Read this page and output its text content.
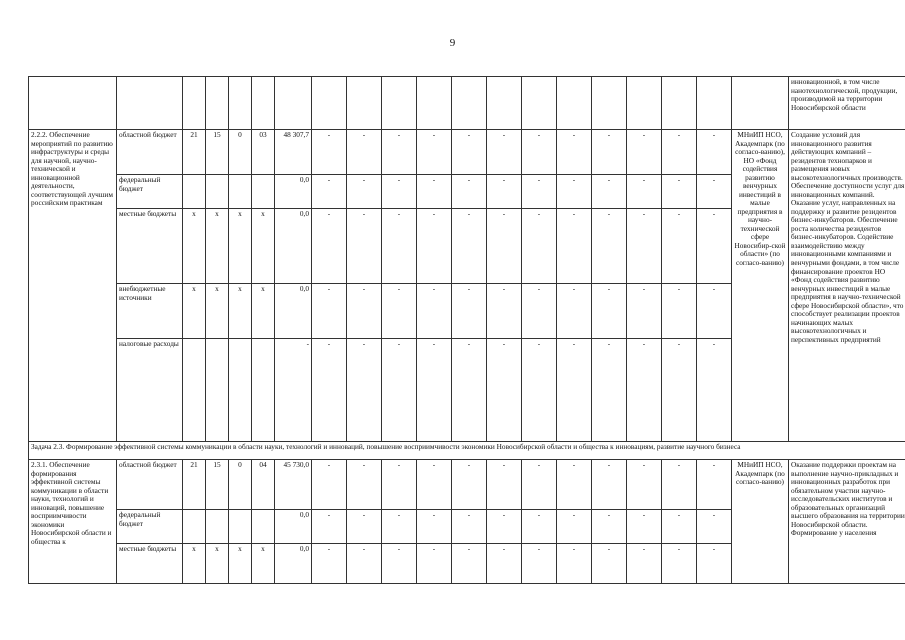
9
																				инновационной, в том числе нанотехнологической, продукции, производимой на территории Новосибирской области
2.2.2. Обеспечение мероприятий по развитию инфраструктуры и среды для научной, научно-технической и инновационной деятельности, соответствующей лучшим российским практикам	областной бюджет	21	15	0	03	48 307,7	-	-	-	-	-	-	-	-	-	-	-	-	МНиИП НСО, Академпарк (по согласо-ванию), НО «Фонд содействия развитию венчурных инвестиций в малые предприятия в научно-технической сфере Новосибир-ской области» (по согласо-ванию)	Создание условий для инновационного развития действующих компаний – резидентов технопарков и размещения новых высокотехнологичных производств. Обеспечение доступности услуг для инновационных компаний. Оказание услуг, направленных на поддержку и развитие резидентов бизнес-инкубаторов. Обеспечение роста количества резидентов бизнес-инкубаторов. Содействие взаимодействию между инновационными компаниями и венчурными фондами, в том числе финансирование проектов НО «Фонд содействия развитию венчурных инвестиций в малые предприятия в научно-технической сфере Новосибирской области», что способствует реализации проектов начинающих малых высокотехнологичных и перспективных предприятий
	федеральный бюджет					0,0	-	-	-	-	-	-	-	-	-	-	-	-		
	местные бюджеты	х	х	х	х	0,0	-	-	-	-	-	-	-	-	-	-	-	-		
	внебюджетные источники	х	х	х	х	0,0	-	-	-	-	-	-	-	-	-	-	-	-		
	налоговые расходы					-	-	-	-	-	-	-	-	-	-	-	-	-		
Задача 2.3. Формирование эффективной системы коммуникации в области науки, технологий и инноваций, повышение восприимчивости экономики Новосибирской области и общества к инновациям, развитие научного бизнеса																				
2.3.1. Обеспечение формирования эффективной системы коммуникации в области науки, технологий и инноваций, повышение восприимчивости экономики Новосибирской области и общества к	областной бюджет	21	15	0	04	45 730,0	-	-	-	-	-	-	-	-	-	-	-	-	МНиИП НСО, Академпарк (по согласо-ванию)	Оказание поддержки проектам на выполнение научно-прикладных и инновационных разработок при обязательном участии научно-исследовательских институтов и образовательных организаций высшего образования на территории Новосибирской области. Формирование у населения
	федеральный бюджет					0,0	-	-	-	-	-	-	-	-	-	-	-	-		
	местные бюджеты	х	х	х	х	0,0	-	-	-	-	-	-	-	-	-	-	-	-		
